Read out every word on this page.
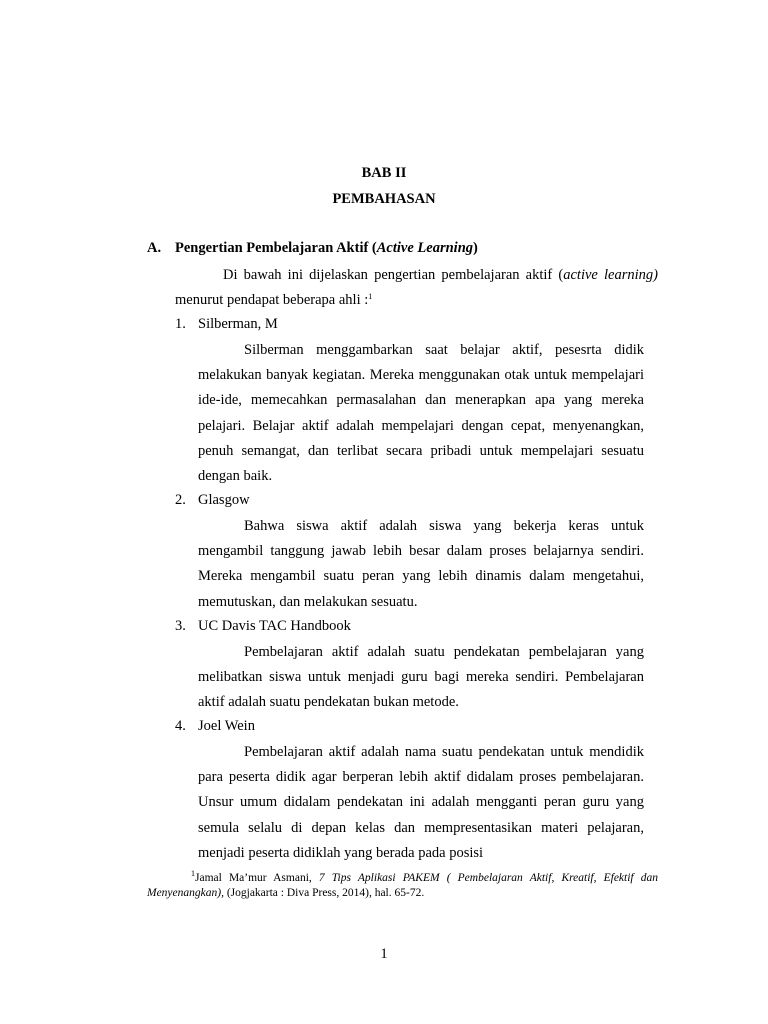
BAB II
PEMBAHASAN
A. Pengertian Pembelajaran Aktif (Active Learning)

Di bawah ini dijelaskan pengertian pembelajaran aktif (active learning) menurut pendapat beberapa ahli :$^1$

1. Silberman, M

Silberman menggambarkan saat belajar aktif, pesesrta didik melakukan banyak kegiatan. Mereka menggunakan otak untuk mempelajari ide-ide, memecahkan permasalahan dan menerapkan apa yang mereka pelajari. Belajar aktif adalah mempelajari dengan cepat, menyenangkan, penuh semangat, dan terlibat secara pribadi untuk mempelajari sesuatu dengan baik.

2. Glasgow

Bahwa siswa aktif adalah siswa yang bekerja keras untuk mengambil tanggung jawab lebih besar dalam proses belajarnya sendiri. Mereka mengambil suatu peran yang lebih dinamis dalam mengetahui, memutuskan, dan melakukan sesuatu.

3. UC Davis TAC Handbook

Pembelajaran aktif adalah suatu pendekatan pembelajaran yang melibatkan siswa untuk menjadi guru bagi mereka sendiri. Pembelajaran aktif adalah suatu pendekatan bukan metode.

4. Joel Wein

Pembelajaran aktif adalah nama suatu pendekatan untuk mendidik para peserta didik agar berperan lebih aktif didalam proses pembelajaran. Unsur umum didalam pendekatan ini adalah mengganti peran guru yang semula selalu di depan kelas dan mempresentasikan materi pelajaran, menjadi peserta didiklah yang berada pada posisi

$^1$Jamal Ma’mur Asmani, 7 Tips Aplikasi PAKEM ( Pembelajaran Aktif, Kreatif, Efektif dan Menyenangkan), (Jogjakarta : Diva Press, 2014), hal. 65-72.

1
